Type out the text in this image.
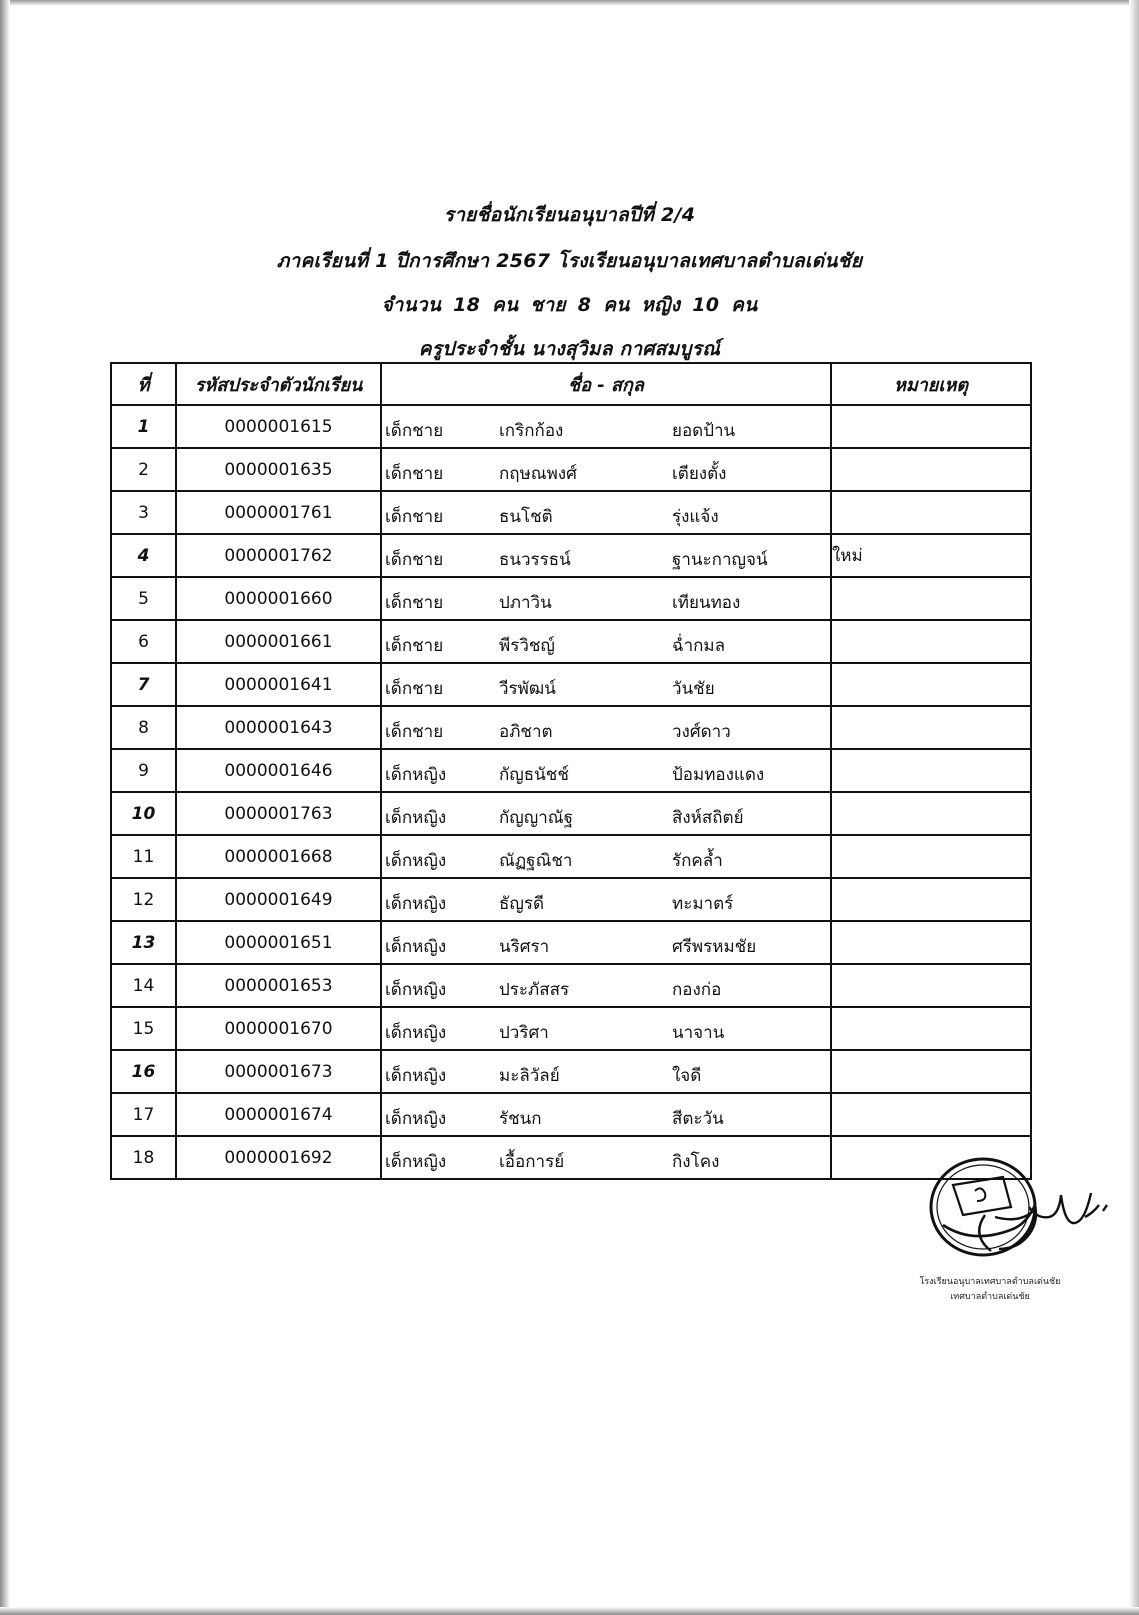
รายชื่อนักเรียนอนุบาลปีที่ 2/4
ภาคเรียนที่ 1 ปีการศึกษา 2567 โรงเรียนอนุบาลเทศบาลตำบลเด่นชัย
จำนวน 18 คน ชาย 8 คน หญิง 10 คน
ครูประจำชั้น นางสุวิมล กาศสมบูรณ์
ที่	รหัสประจำตัวนักเรียน	ชื่อ - สกุล	หมายเหตุ
1	0000001615	เด็กชาย เกริกก้อง ยอดป้าน	

2	0000001635	เด็กชาย กฤษณพงศ์ เตียงตั้ง	

3	0000001761	เด็กชาย ธนโชติ รุ่งแจ้ง	

4	0000001762	เด็กชาย ธนวรรธน์ ฐานะกาญจน์	ใหม่
5	0000001660	เด็กชาย ปภาวิน เทียนทอง	

6	0000001661	เด็กชาย พีรวิชญ์ ฉ่ำกมล	

7	0000001641	เด็กชาย วีรพัฒน์ วันชัย	

8	0000001643	เด็กชาย อภิชาต วงศ์ดาว	

9	0000001646	เด็กหญิง กัญธนัชช์ ป้อมทองแดง	

10	0000001763	เด็กหญิง กัญญาณัฐ สิงห์สถิตย์	

11	0000001668	เด็กหญิง ณัฏฐณิชา รักคล้ำ	

12	0000001649	เด็กหญิง ธัญรดี ทะมาตร์	

13	0000001651	เด็กหญิง นริศรา ศรีพรหมชัย	

14	0000001653	เด็กหญิง ประภัสสร กองก่อ	

15	0000001670	เด็กหญิง ปวริศา นาจาน	

16	0000001673	เด็กหญิง มะลิวัลย์ ใจดี	

17	0000001674	เด็กหญิง รัชนก สีตะวัน	

18	0000001692	เด็กหญิง เอื้อการย์ กิงโคง	

โรงเรียนอนุบาลเทศบาลตำบลเด่นชัย
เทศบาลตำบลเด่นชัย
